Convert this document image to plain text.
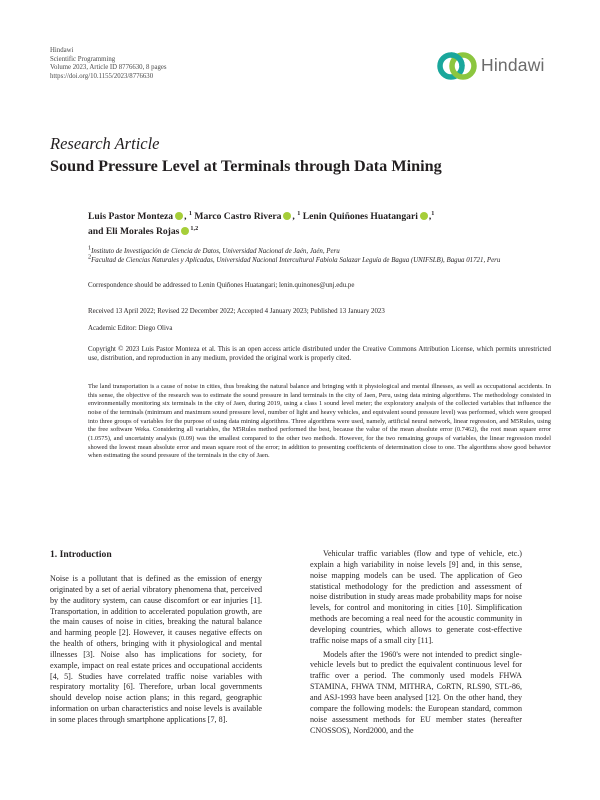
Hindawi
Scientific Programming
Volume 2023, Article ID 8776630, 8 pages
https://doi.org/10.1155/2023/8776630
Hindawi
Research Article
Sound Pressure Level at Terminals through Data Mining
Luis Pastor Monteza , $^1$ Marco Castro Rivera , $^1$ Lenin Quiñones Huatangari ,$^1$
and Eli Morales Rojas $^{1,2}$
1Instituto de Investigación de Ciencia de Datos, Universidad Nacional de Jaén, Jaén, Peru
2Facultad de Ciencias Naturales y Aplicadas, Universidad Nacional Intercultural Fabiola Salazar Leguía de Bagua (UNIFSLB), Bagua 01721, Peru
Correspondence should be addressed to Lenin Quiñones Huatangari; lenin.quinones@unj.edu.pe
Received 13 April 2022; Revised 22 December 2022; Accepted 4 January 2023; Published 13 January 2023
Academic Editor: Diego Oliva
Copyright © 2023 Luis Pastor Monteza et al. This is an open access article distributed under the Creative Commons Attribution License, which permits unrestricted use, distribution, and reproduction in any medium, provided the original work is properly cited.
The land transportation is a cause of noise in cities, thus breaking the natural balance and bringing with it physiological and mental illnesses, as well as occupational accidents. In this sense, the objective of the research was to estimate the sound pressure in land terminals in the city of Jaen, Peru, using data mining algorithms. The methodology consisted in environmentally monitoring six terminals in the city of Jaen, during 2019, using a class 1 sound level meter; the exploratory analysis of the collected variables that influence the noise of the terminals (minimum and maximum sound pressure level, number of light and heavy vehicles, and equivalent sound pressure level) was performed, which were grouped into three groups of variables for the purpose of using data mining algorithms. Three algorithms were used, namely, artificial neural network, linear regression, and M5Rules, using the free software Weka. Considering all variables, the M5Rules method performed the best, because the value of the mean absolute error (0.7462), the root mean square error (1.0575), and uncertainty analysis (0.09) was the smallest compared to the other two methods. However, for the two remaining groups of variables, the linear regression model showed the lowest mean absolute error and mean square root of the error; in addition to presenting coefficients of determination close to one. The algorithms show good behavior when estimating the sound pressure of the terminals in the city of Jaen.
1. Introduction

Noise is a pollutant that is defined as the emission of energy originated by a set of aerial vibratory phenomena that, perceived by the auditory system, can cause discomfort or ear injuries [1]. Transportation, in addition to accelerated population growth, are the main causes of noise in cities, breaking the natural balance and harming people [2]. However, it causes negative effects on the health of others, bringing with it physiological and mental illnesses [3]. Noise also has implications for society, for example, impact on real estate prices and occupational accidents [4, 5]. Studies have correlated traffic noise variables with respiratory mortality [6]. Therefore, urban local governments should develop noise action plans; in this regard, geographic information on urban characteristics and noise levels is available in some places through smartphone applications [7, 8].

Vehicular traffic variables (flow and type of vehicle, etc.) explain a high variability in noise levels [9] and, in this sense, noise mapping models can be used. The application of Geo statistical methodology for the prediction and assessment of noise distribution in study areas made probability maps for noise levels, for control and monitoring in cities [10]. Simplification methods are becoming a real need for the acoustic community in developing countries, which allows to generate cost-effective traffic noise maps of a small city [11].

Models after the 1960's were not intended to predict single-vehicle levels but to predict the equivalent continuous level for traffic over a period. The commonly used models FHWA STAMINA, FHWA TNM, MITHRA, CoRTN, RLS90, STL-86, and ASJ-1993 have been analysed [12]. On the other hand, they compare the following models: the European standard, common noise assessment methods for EU member states (hereafter CNOSSOS), Nord2000, and the
